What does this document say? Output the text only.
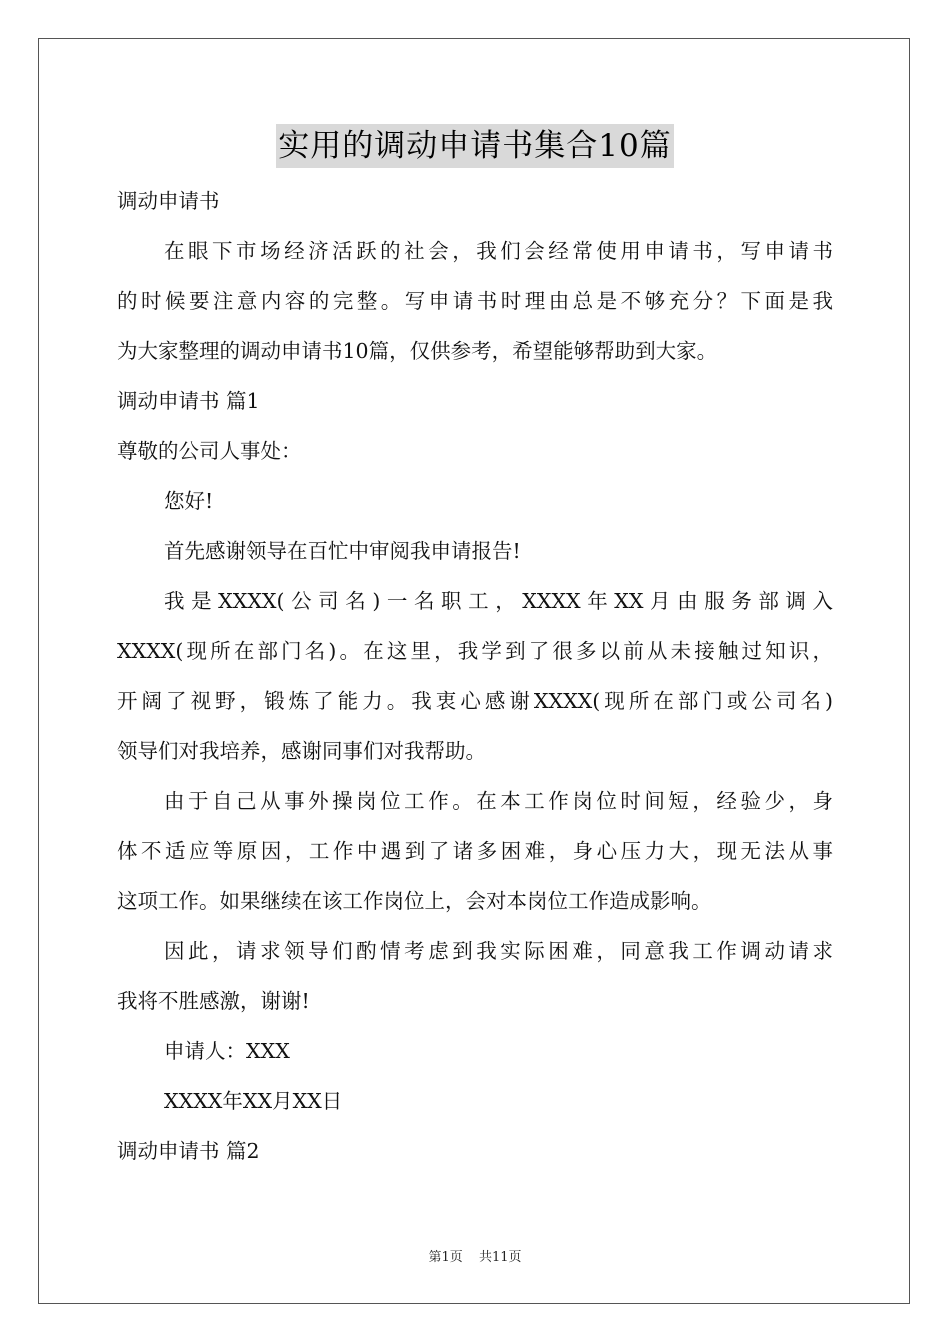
实用的调动申请书集合10篇
调动申请书
在眼下市场经济活跃的社会，我们会经常使用申请书，写申请书
的时候要注意内容的完整。写申请书时理由总是不够充分？下面是我
为大家整理的调动申请书10篇，仅供参考，希望能够帮助到大家。
调动申请书 篇1
尊敬的公司人事处：
您好!
首先感谢领导在百忙中审阅我申请报告!
我是XXXX(公司名)一名职工，XXXX年XX月由服务部调入
XXXX(现所在部门名)。在这里，我学到了很多以前从未接触过知识，
开阔了视野，锻炼了能力。我衷心感谢XXXX(现所在部门或公司名)
领导们对我培养，感谢同事们对我帮助。
由于自己从事外操岗位工作。在本工作岗位时间短，经验少，身
体不适应等原因，工作中遇到了诸多困难，身心压力大，现无法从事
这项工作。如果继续在该工作岗位上，会对本岗位工作造成影响。
因此，请求领导们酌情考虑到我实际困难，同意我工作调动请求
我将不胜感激，谢谢!
申请人：XXX
XXXX年XX月XX日
调动申请书 篇2
第1页 共11页
